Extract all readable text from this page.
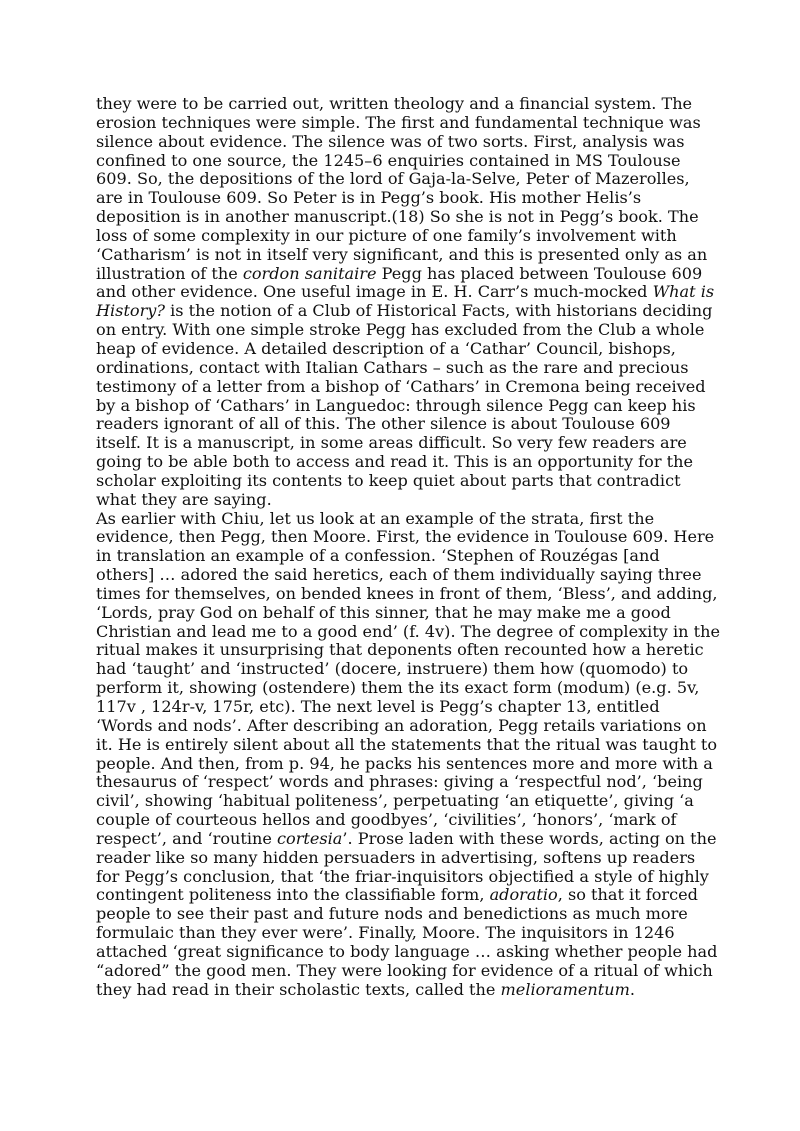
they were to be carried out, written theology and a financial system. The erosion techniques were simple. The first and fundamental technique was silence about evidence. The silence was of two sorts. First, analysis was confined to one source, the 1245–6 enquiries contained in MS Toulouse 609. So, the depositions of the lord of Gaja-la-Selve, Peter of Mazerolles, are in Toulouse 609. So Peter is in Pegg’s book. His mother Helis’s deposition is in another manuscript.(18) So she is not in Pegg’s book. The loss of some complexity in our picture of one family’s involvement with ‘Catharism’ is not in itself very significant, and this is presented only as an illustration of the cordon sanitaire Pegg has placed between Toulouse 609 and other evidence. One useful image in E. H. Carr’s much-mocked What is History? is the notion of a Club of Historical Facts, with historians deciding on entry. With one simple stroke Pegg has excluded from the Club a whole heap of evidence. A detailed description of a ‘Cathar’ Council, bishops, ordinations, contact with Italian Cathars – such as the rare and precious testimony of a letter from a bishop of ‘Cathars’ in Cremona being received by a bishop of ‘Cathars’ in Languedoc: through silence Pegg can keep his readers ignorant of all of this. The other silence is about Toulouse 609 itself. It is a manuscript, in some areas difficult. So very few readers are going to be able both to access and read it. This is an opportunity for the scholar exploiting its contents to keep quiet about parts that contradict what they are saying.

As earlier with Chiu, let us look at an example of the strata, first the evidence, then Pegg, then Moore. First, the evidence in Toulouse 609. Here in translation an example of a confession. ‘Stephen of Rouzégas [and others] … adored the said heretics, each of them individually saying three times for themselves, on bended knees in front of them, ‘Bless’, and adding, ‘Lords, pray God on behalf of this sinner, that he may make me a good Christian and lead me to a good end’ (f. 4v). The degree of complexity in the ritual makes it unsurprising that deponents often recounted how a heretic had ‘taught’ and ‘instructed’ (docere, instruere) them how (quomodo) to perform it, showing (ostendere) them the its exact form (modum) (e.g. 5v, 117v , 124r-v, 175r, etc). The next level is Pegg’s chapter 13, entitled ‘Words and nods’. After describing an adoration, Pegg retails variations on it. He is entirely silent about all the statements that the ritual was taught to people. And then, from p. 94, he packs his sentences more and more with a thesaurus of ‘respect’ words and phrases: giving a ‘respectful nod’, ‘being civil’, showing ‘habitual politeness’, perpetuating ‘an etiquette’, giving ‘a couple of courteous hellos and goodbyes’, ‘civilities’, ‘honors’, ‘mark of respect’, and ‘routine cortesia’. Prose laden with these words, acting on the reader like so many hidden persuaders in advertising, softens up readers for Pegg’s conclusion, that ‘the friar-inquisitors objectified a style of highly contingent politeness into the classifiable form, adoratio, so that it forced people to see their past and future nods and benedictions as much more formulaic than they ever were’. Finally, Moore. The inquisitors in 1246 attached ‘great significance to body language … asking whether people had “adored” the good men. They were looking for evidence of a ritual of which they had read in their scholastic texts, called the melioramentum.
